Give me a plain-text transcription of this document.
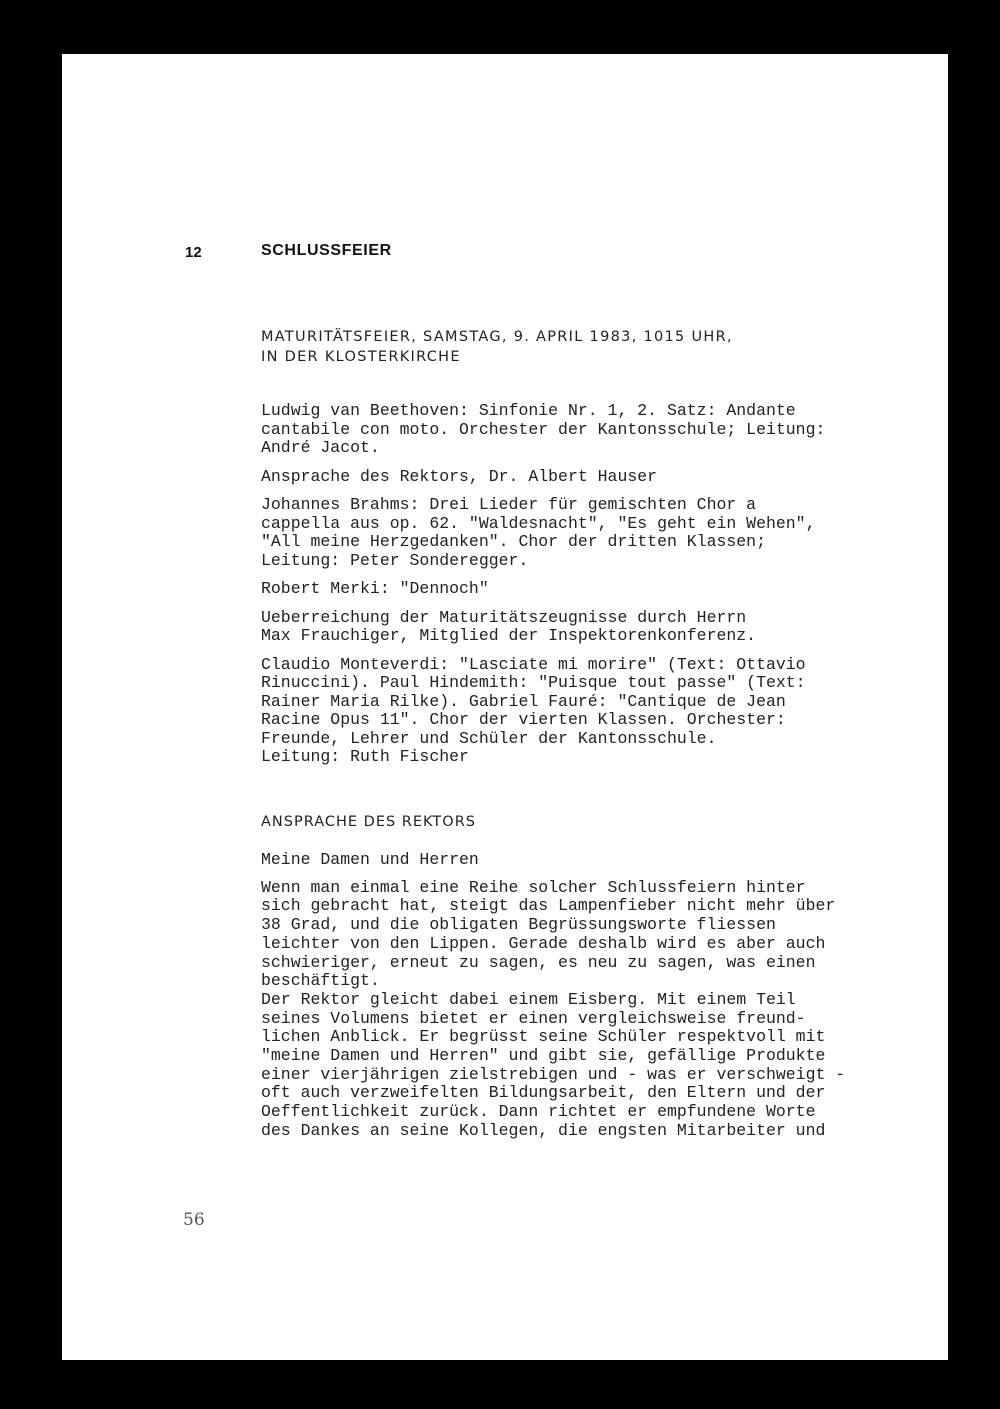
12	SCHLUSSFEIER
MATURITÄTSFEIER, SAMSTAG, 9. APRIL 1983, 1015 UHR,
IN DER KLOSTERKIRCHE
Ludwig van Beethoven: Sinfonie Nr. 1, 2. Satz: Andante
cantabile con moto. Orchester der Kantonsschule; Leitung:
André Jacot.
Ansprache des Rektors, Dr. Albert Hauser
Johannes Brahms: Drei Lieder für gemischten Chor a
cappella aus op. 62. "Waldesnacht", "Es geht ein Wehen",
"All meine Herzgedanken". Chor der dritten Klassen;
Leitung: Peter Sonderegger.
Robert Merki: "Dennoch"
Ueberreichung der Maturitätszeugnisse durch Herrn
Max Frauchiger, Mitglied der Inspektorenkonferenz.
Claudio Monteverdi: "Lasciate mi morire" (Text: Ottavio
Rinuccini). Paul Hindemith: "Puisque tout passe" (Text:
Rainer Maria Rilke). Gabriel Fauré: "Cantique de Jean
Racine Opus 11". Chor der vierten Klassen. Orchester:
Freunde, Lehrer und Schüler der Kantonsschule.
Leitung: Ruth Fischer
ANSPRACHE DES REKTORS
Meine Damen und Herren
Wenn man einmal eine Reihe solcher Schlussfeiern hinter
sich gebracht hat, steigt das Lampenfieber nicht mehr über
38 Grad, und die obligaten Begrüssungsworte fliessen
leichter von den Lippen. Gerade deshalb wird es aber auch
schwieriger, erneut zu sagen, es neu zu sagen, was einen
beschäftigt.
Der Rektor gleicht dabei einem Eisberg. Mit einem Teil
seines Volumens bietet er einen vergleichsweise freund-
lichen Anblick. Er begrüsst seine Schüler respektvoll mit
"meine Damen und Herren" und gibt sie, gefällige Produkte
einer vierjährigen zielstrebigen und - was er verschweigt -
oft auch verzweifelten Bildungsarbeit, den Eltern und der
Oeffentlichkeit zurück. Dann richtet er empfundene Worte
des Dankes an seine Kollegen, die engsten Mitarbeiter und
56
